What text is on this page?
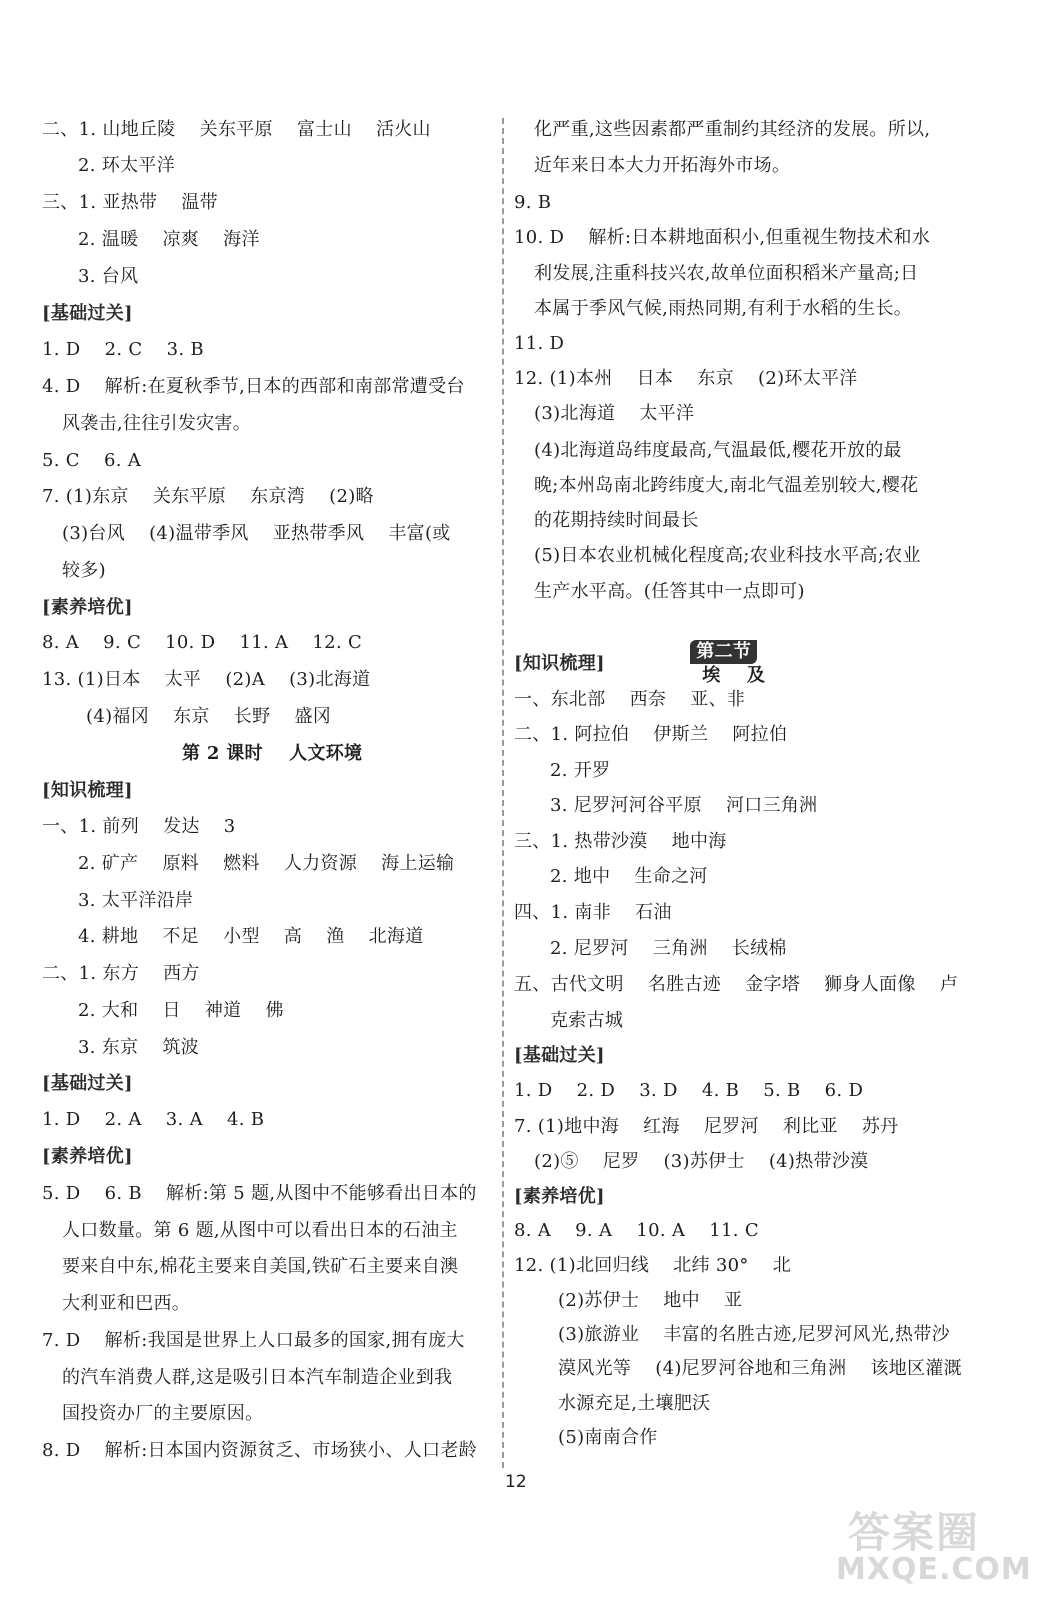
二、1. 山地丘陵    关东平原    富士山    活火山
2. 环太平洋
三、1. 亚热带    温带
2. 温暖    凉爽    海洋
3. 台风
[ 基础过关 ]
1. D    2. C    3. B
4. D    解析:在夏秋季节,日本的西部和南部常遭受台
风袭击,往往引发灾害。
5. C    6. A
7. (1)东京    关东平原    东京湾    (2)略
(3)台风    (4)温带季风    亚热带季风    丰富(或
较多)
[ 素养培优 ]
8. A    9. C    10. D    11. A    12. C
13. (1)日本    太平    (2)A    (3)北海道
(4)福冈    东京    长野    盛冈
第 2 课时    人文环境
[ 知识梳理 ]
一、1. 前列    发达    3
2. 矿产    原料    燃料    人力资源    海上运输
3. 太平洋沿岸
4. 耕地    不足    小型    高    渔    北海道
二、1. 东方    西方
2. 大和    日    神道    佛
3. 东京    筑波
[ 基础过关 ]
1. D    2. A    3. A    4. B
[ 素养培优 ]
5. D    6. B    解析:第 5 题,从图中不能够看出日本的
人口数量。第 6 题,从图中可以看出日本的石油主
要来自中东,棉花主要来自美国,铁矿石主要来自澳
大利亚和巴西。
7. D    解析:我国是世界上人口最多的国家,拥有庞大
的汽车消费人群,这是吸引日本汽车制造企业到我
国投资办厂的主要原因。
8. D    解析:日本国内资源贫乏、市场狭小、人口老龄

第二节
埃    及

化严重,这些因素都严重制约其经济的发展。所以,
近年来日本大力开拓海外市场。
9. B
10. D    解析:日本耕地面积小,但重视生物技术和水
利发展,注重科技兴农,故单位面积稻米产量高;日
本属于季风气候,雨热同期,有利于水稻的生长。
11. D
12. (1)本州    日本    东京    (2)环太平洋
(3)北海道    太平洋
(4)北海道岛纬度最高,气温最低,樱花开放的最
晚;本州岛南北跨纬度大,南北气温差别较大,樱花
的花期持续时间最长
(5)日本农业机械化程度高;农业科技水平高;农业
生产水平高。(任答其中一点即可)
[ 知识梳理 ]
一、东北部    西奈    亚、非
二、1. 阿拉伯    伊斯兰    阿拉伯
2. 开罗
3. 尼罗河河谷平原    河口三角洲
三、1. 热带沙漠    地中海
2. 地中    生命之河
四、1. 南非    石油
2. 尼罗河    三角洲    长绒棉
五、古代文明    名胜古迹    金字塔    狮身人面像    卢
克索古城
[ 基础过关 ]
1. D    2. D    3. D    4. B    5. B    6. D
7. (1)地中海    红海    尼罗河    利比亚    苏丹
(2)⑤    尼罗    (3)苏伊士    (4)热带沙漠
[ 素养培优 ]
8. A    9. A    10. A    11. C
12. (1)北回归线    北纬 30°    北
(2)苏伊士    地中    亚
(3)旅游业    丰富的名胜古迹,尼罗河风光,热带沙
漠风光等    (4)尼罗河谷地和三角洲    该地区灌溉
水源充足,土壤肥沃
(5)南南合作
12
答案圈
MXQE.COM
